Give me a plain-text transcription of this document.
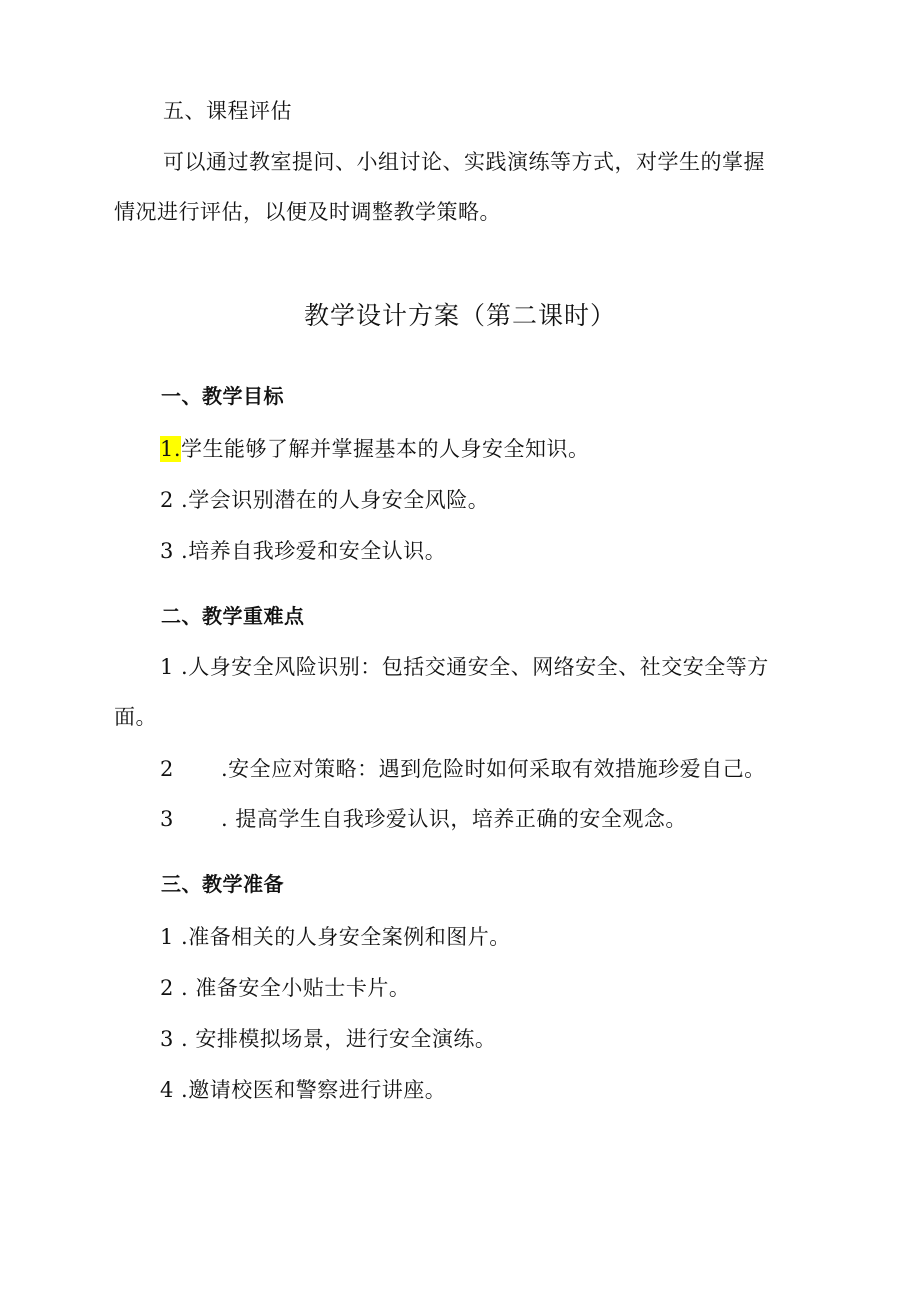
五、课程评估
可以通过教室提问、小组讨论、实践演练等方式，对学生的掌握
情况进行评估，以便及时调整教学策略。
教学设计方案（第二课时）
一、教学目标
1.学生能够了解并掌握基本的人身安全知识。
2 .学会识别潜在的人身安全风险。
3 .培养自我珍爱和安全认识。
二、教学重难点
1 .人身安全风险识别：包括交通安全、网络安全、社交安全等方
面。
2 .安全应对策略：遇到危险时如何采取有效措施珍爱自己。
3 . 提高学生自我珍爱认识，培养正确的安全观念。
三、教学准备
1 .准备相关的人身安全案例和图片。
2 . 准备安全小贴士卡片。
3 . 安排模拟场景，进行安全演练。
4 .邀请校医和警察进行讲座。
